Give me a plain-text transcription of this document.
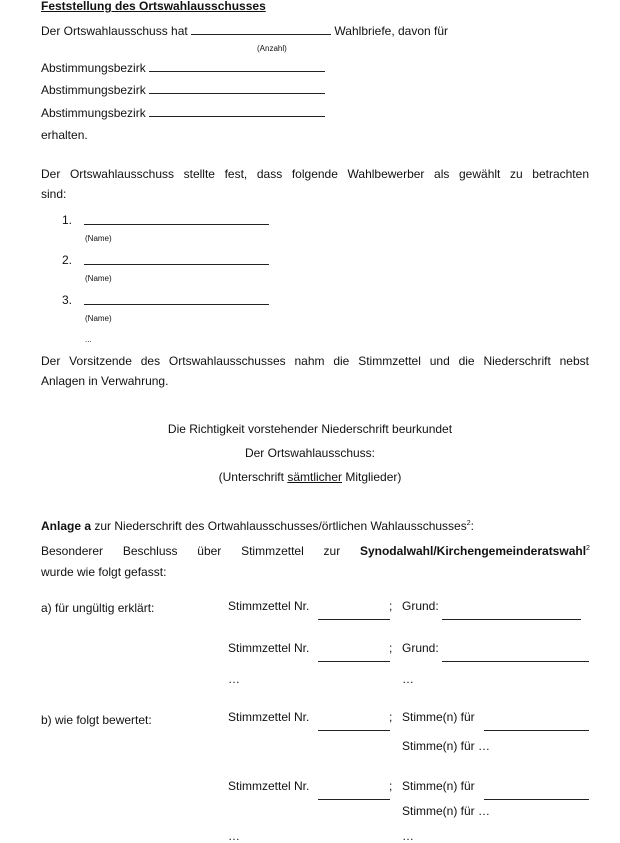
Feststellung des Ortswahlausschusses
Der Ortswahlausschuss hat	Wahlbriefe, davon für
(Anzahl)
Abstimmungsbezirk
Abstimmungsbezirk
Abstimmungsbezirk
erhalten.
Der Ortswahlausschuss stellte fest, dass folgende Wahlbewerber als gewählt zu betrachten
sind:
1.
(Name)
2.
(Name)
3.
(Name)
...
Der Vorsitzende des Ortswahlausschusses nahm die Stimmzettel und die Niederschrift nebst
Anlagen in Verwahrung.
Die Richtigkeit vorstehender Niederschrift beurkundet
Der Ortswahlausschuss:
(Unterschrift sämtlicher Mitglieder)
Anlage a zur Niederschrift des Ortwahlausschusses/örtlichen Wahlausschusses$^2$:
Besonderer Beschluss über Stimmzettel zur Synodalwahl/Kirchengemeinderatswahl$^2$
wurde wie folgt gefasst:
a) für ungültig erklärt:	Stimmzettel Nr.	; Grund:
Stimmzettel Nr.	; Grund:
…	…
b) wie folgt bewertet:	Stimmzettel Nr.	; Stimme(n) für
Stimme(n) für …
Stimmzettel Nr.	; Stimme(n) für
Stimme(n) für …
…	…
